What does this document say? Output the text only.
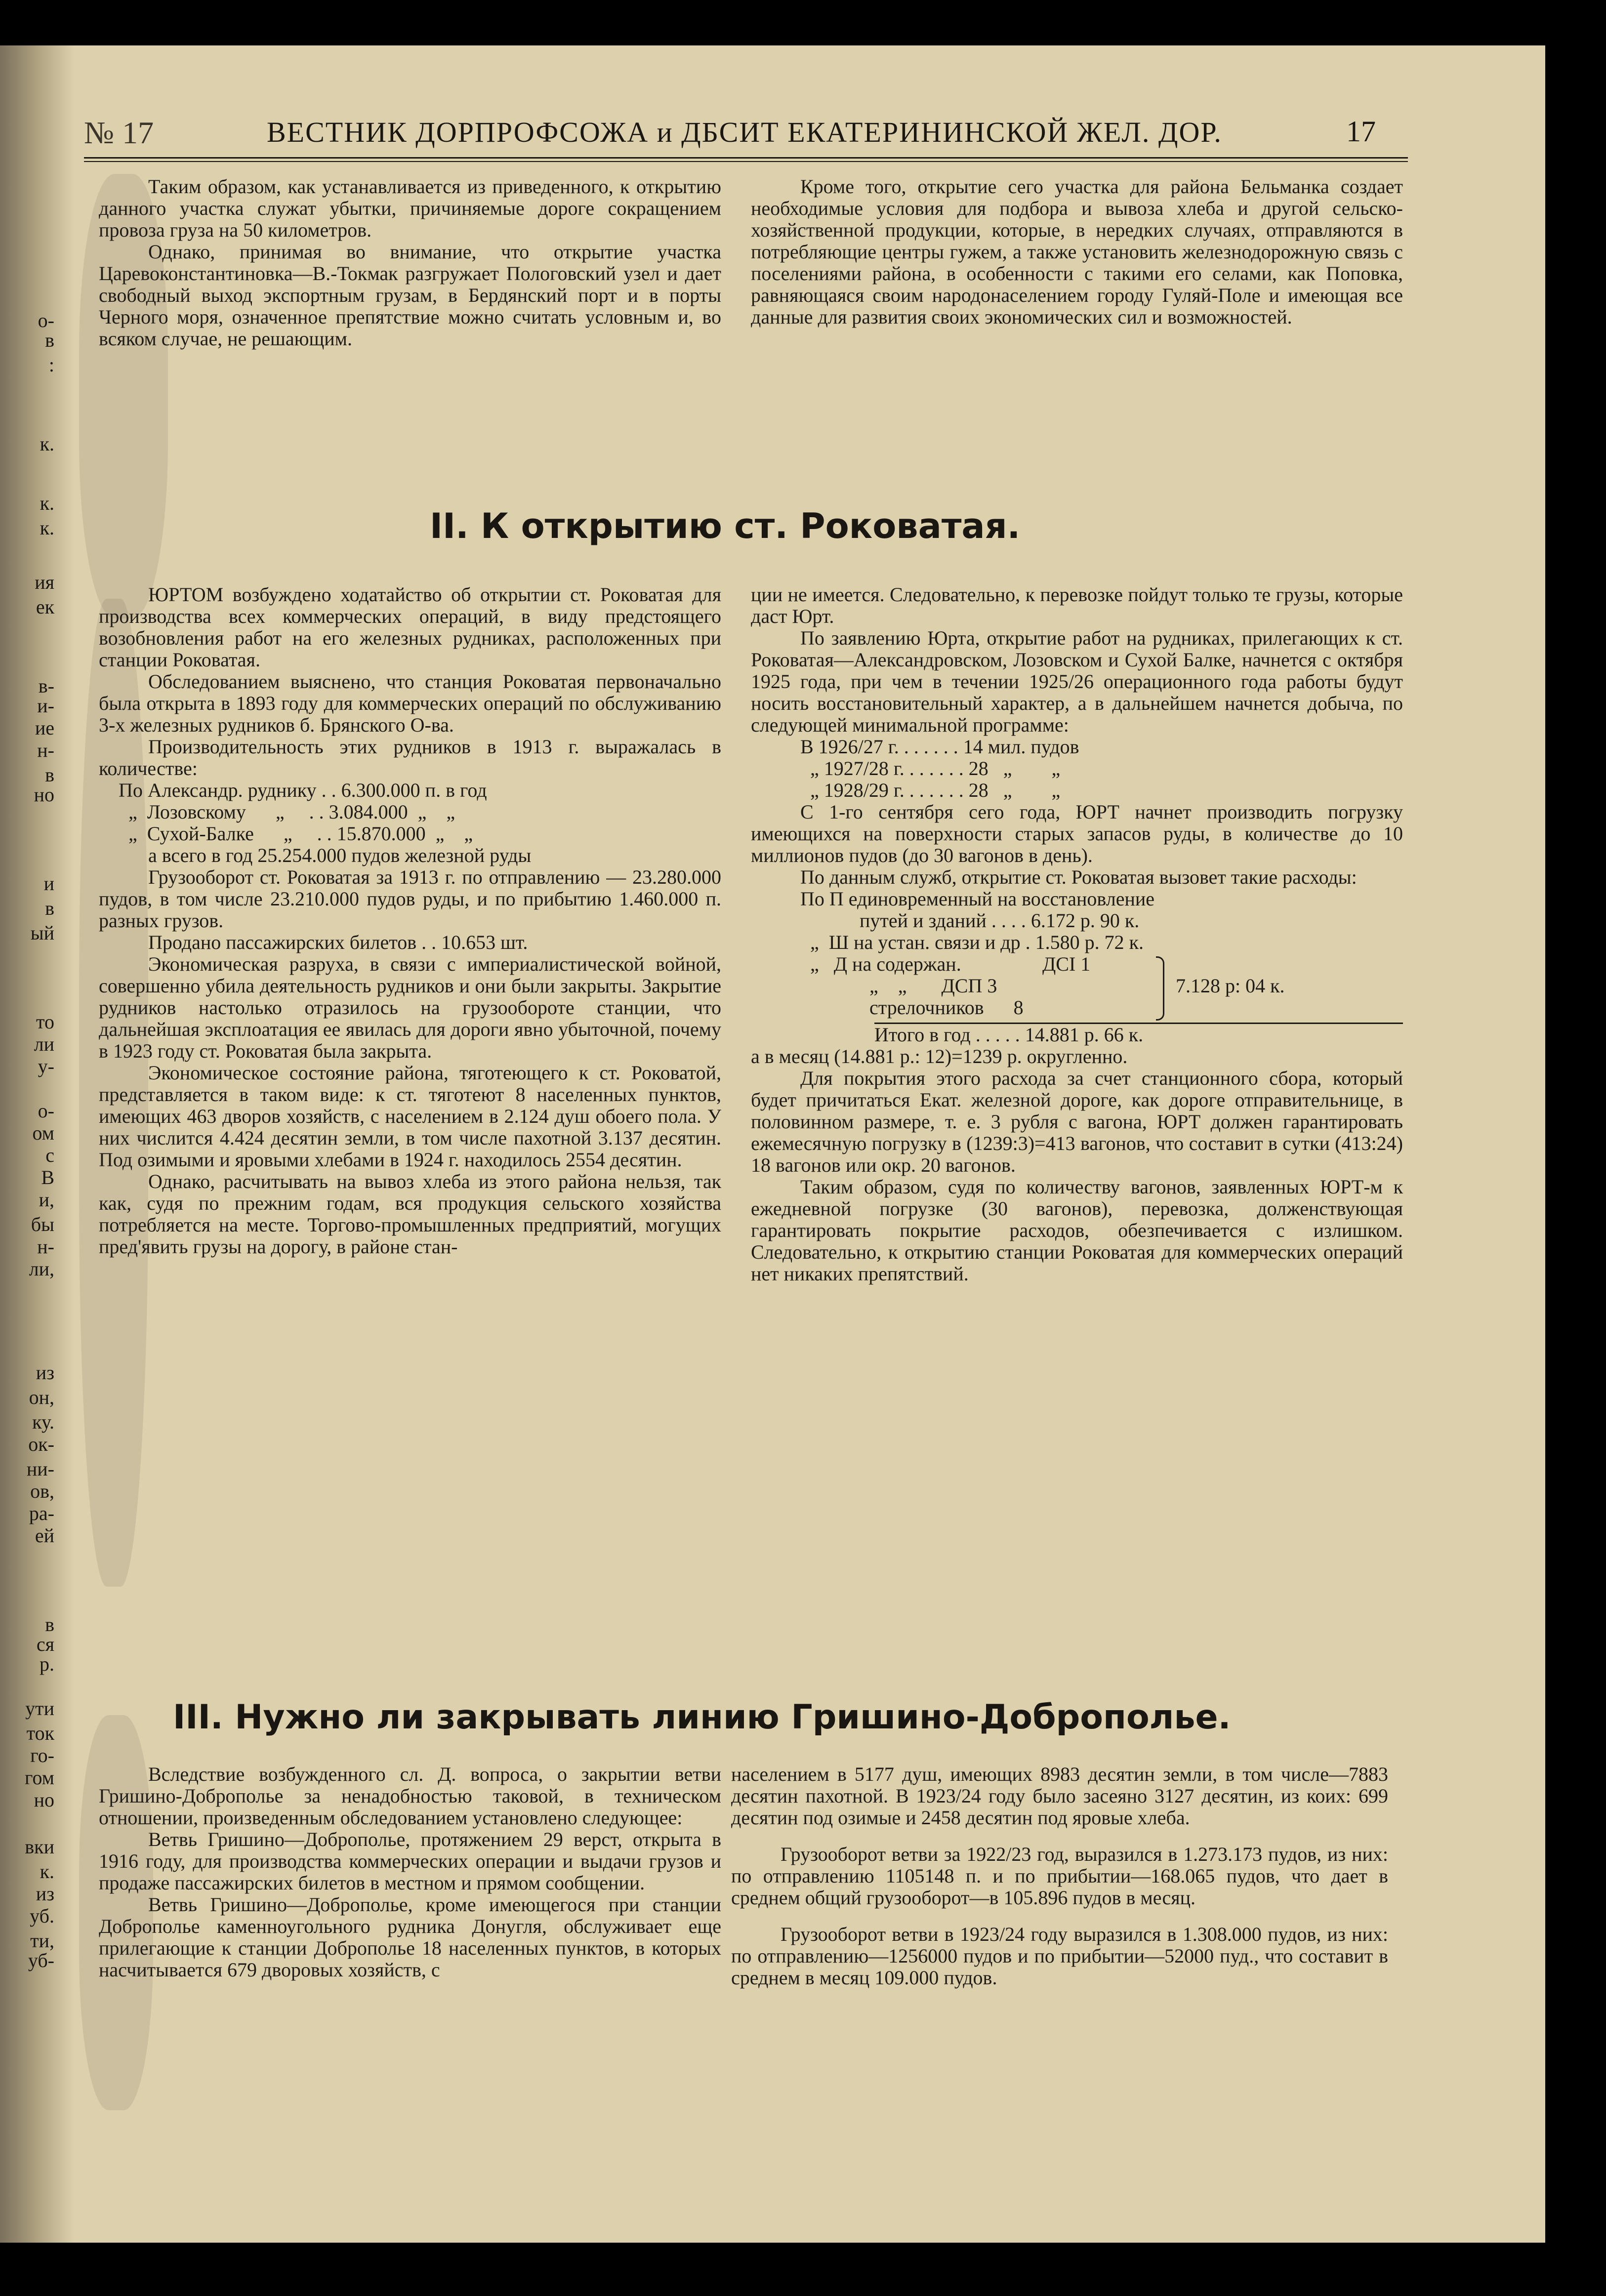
о-
в
:
к.
к.
к.
ия
ек
в-
и-
ие
н-
в
но
и
в
ый
то
ли
у-
о-
ом
с
В
и,
бы
н-
ли,
из
он,
ку.
ок-
ни-
ов,
ра-
ей
в
ся
р.
ути
ток
го-
гом
но
вки
к.
из
уб.
ти,
уб-
№ 17	ВЕСТНИК ДОРПРОФСОЖА и ДБСИТ ЕКАТЕРИНИНСКОЙ ЖЕЛ. ДОР.	17

Таким образом, как устанавливается из приведенного, к открытию данного участка служат убытки, причиняемые дороге сокращением провоза груза на 50 километров.

Однако, принимая во внимание, что открытие участка Царевоконстантиновка—В.-Токмак разгружает Пологовский узел и дает свободный выход экспортным грузам, в Бердянский порт и в порты Черного моря, означенное препятствие можно считать условным и, во всяком случае, не решающим.

Кроме того, открытие сего участка для района Бельманка создает необходимые условия для подбора и вывоза хлеба и другой сельско-хозяйственной продукции, которые, в нередких случаях, отправляются в потребляющие центры гужем, а также установить железнодорожную связь с поселениями района, в особенности с такими его селами, как Поповка, равняющаяся своим народонаселением городу Гуляй-Поле и имеющая все данные для развития своих экономических сил и возможностей.

II. К открытию ст. Роковатая.

ЮРТОМ возбуждено ходатайство об открытии ст. Роковатая для производства всех коммерческих операций, в виду предстоящего возобновления работ на его железных рудниках, расположенных при станции Роковатая.

Обследованием выяснено, что станция Роковатая первоначально была открыта в 1893 году для коммерческих операций по обслуживанию 3-х железных рудников б. Брянского О-ва.

Производительность этих рудников в 1913 г. выражалась в количестве:

По Александр. руднику . . 6.300.000 п. в год
„  Лозовскому      „     . . 3.084.000  „    „
„  Сухой-Балке      „     . . 15.870.000  „    „

а всего в год 25.254.000 пудов железной руды

Грузооборот ст. Роковатая за 1913 г. по отправлению — 23.280.000 пудов, в том числе 23.210.000 пудов руды, и по прибытию 1.460.000 п. разных грузов.

Продано пассажирских билетов . . 10.653 шт.

Экономическая разруха, в связи с империалистической войной, совершенно убила деятельность рудников и они были закрыты. Закрытие рудников настолько отразилось на грузообороте станции, что дальнейшая эксплоатация ее явилась для дороги явно убыточной, почему в 1923 году ст. Роковатая была закрыта.

Экономическое состояние района, тяготеющего к ст. Роковатой, представляется в таком виде: к ст. тяготеют 8 населенных пунктов, имеющих 463 дворов хозяйств, с населением в 2.124 душ обоего пола. У них числится 4.424 десятин земли, в том числе пахотной 3.137 десятин. Под озимыми и яровыми хлебами в 1924 г. находилось 2554 десятин.

Однако, расчитывать на вывоз хлеба из этого района нельзя, так как, судя по прежним годам, вся продукция сельского хозяйства потребляется на месте. Торгово-промышленных предприятий, могущих пред'явить грузы на дорогу, в районе стан-

ции не имеется. Следовательно, к перевозке пойдут только те грузы, которые даст Юрт.

По заявлению Юрта, открытие работ на рудниках, прилегающих к ст. Роковатая—Александровском, Лозовском и Сухой Балке, начнется с октября 1925 года, при чем в течении 1925/26 операционного года работы будут носить восстановительный характер, а в дальнейшем начнется добыча, по следующей минимальной программе:

В 1926/27 г. . . . . . . 14 мил. пудов
„ 1927/28 г. . . . . . . 28   „        „
„ 1928/29 г. . . . . . . 28   „        „

С 1-го сентября сего года, ЮРТ начнет производить погрузку имеющихся на поверхности старых запасов руды, в количестве до 10 миллионов пудов (до 30 вагонов в день).

По данным служб, открытие ст. Роковатая вызовет такие расходы:

По П единовременный на восстановление
путей и зданий . . . . 6.172 р. 90 к.
„  Ш на устан. связи и др . 1.580 р. 72 к.
„   Д на содержан.	ДСІ 1
„    „       ДСП 3
стрелочников      8
7.128 р: 04 к.
Итого в год . . . . . 14.881 р. 66 к.

а в месяц (14.881 р.: 12)=1239 р. округленно.

Для покрытия этого расхода за счет станционного сбора, который будет причитаться Екат. железной дороге, как дороге отправительнице, в половинном размере, т. е. 3 рубля с вагона, ЮРТ должен гарантировать ежемесячную погрузку в (1239:3)=413 вагонов, что составит в сутки (413:24) 18 вагонов или окр. 20 вагонов.

Таким образом, судя по количеству вагонов, заявленных ЮРТ-м к ежедневной погрузке (30 вагонов), перевозка, долженствующая гарантировать покрытие расходов, обезпечивается с излишком. Следовательно, к открытию станции Роковатая для коммерческих операций нет никаких препятствий.

III. Нужно ли закрывать линию Гришино-Доброполье.

Вследствие возбужденного сл. Д. вопроса, о закрытии ветви Гришино-Доброполье за ненадобностью таковой, в техническом отношении, произведенным обследованием установлено следующее:

Ветвь Гришино—Доброполье, протяжением 29 верст, открыта в 1916 году, для производства коммерческих операции и выдачи грузов и продаже пассажирских билетов в местном и прямом сообщении.

Ветвь Гришино—Доброполье, кроме имеющегося при станции Доброполье каменноугольного рудника Донугля, обслуживает еще прилегающие к станции Доброполье 18 населенных пунктов, в которых насчитывается 679 дворовых хозяйств, с

населением в 5177 душ, имеющих 8983 десятин земли, в том числе—7883 десятин пахотной. В 1923/24 году было засеяно 3127 десятин, из коих: 699 десятин под озимые и 2458 десятин под яровые хлеба.

Грузооборот ветви за 1922/23 год, выразился в 1.273.173 пудов, из них: по отправлению 1105148 п. и по прибытии—168.065 пудов, что дает в среднем общий грузооборот—в 105.896 пудов в месяц.

Грузооборот ветви в 1923/24 году выразился в 1.308.000 пудов, из них: по отправлению—1256000 пудов и по прибытии—52000 пуд., что составит в среднем в месяц 109.000 пудов.
